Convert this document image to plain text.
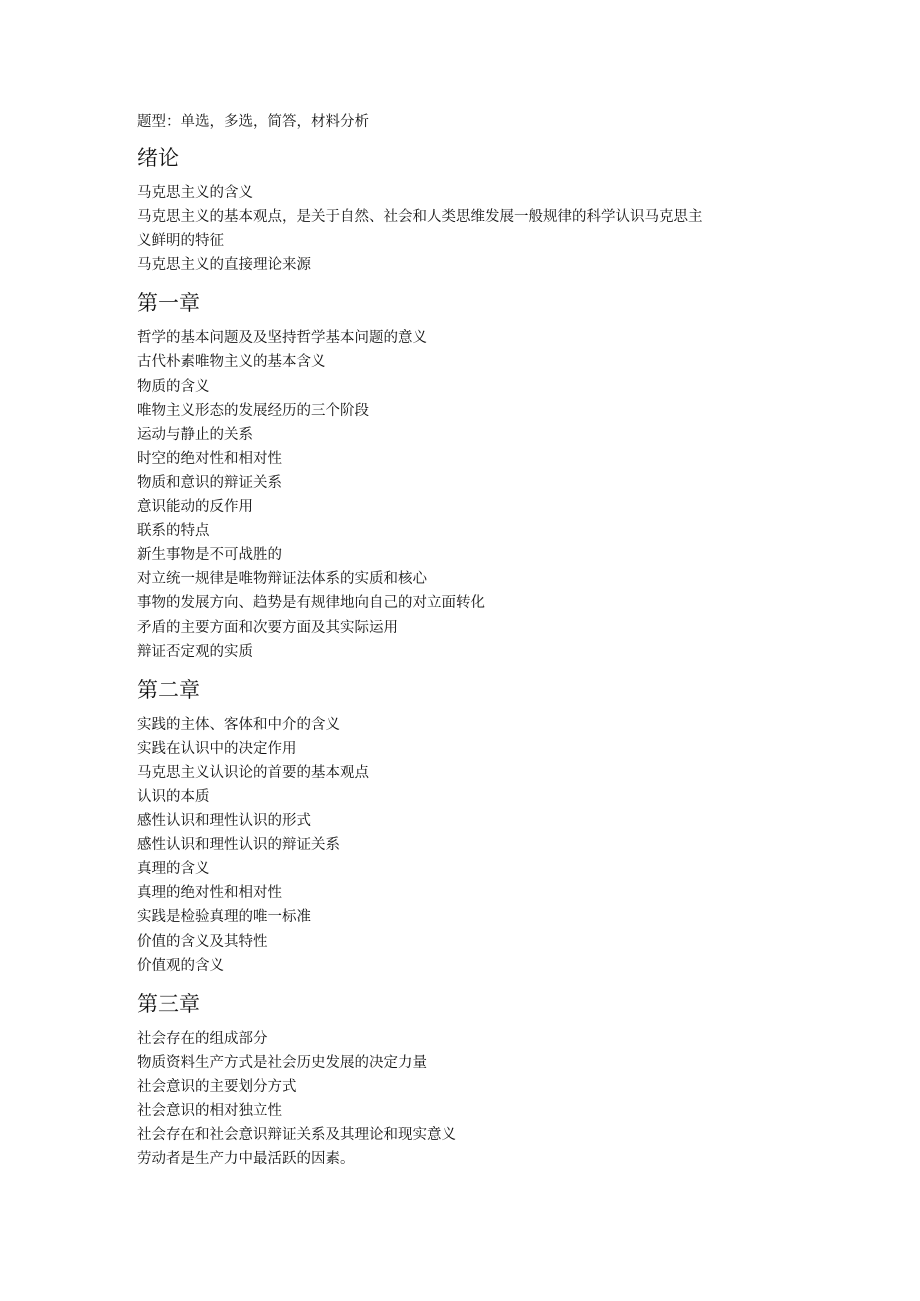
题型：单选，多选，简答，材料分析
绪论
马克思主义的含义
马克思主义的基本观点，是关于自然、社会和人类思维发展一般规律的科学认识马克思主义鲜明的特征
马克思主义的直接理论来源
第一章
哲学的基本问题及及坚持哲学基本问题的意义
古代朴素唯物主义的基本含义
物质的含义
唯物主义形态的发展经历的三个阶段
运动与静止的关系
时空的绝对性和相对性
物质和意识的辩证关系
意识能动的反作用
联系的特点
新生事物是不可战胜的
对立统一规律是唯物辩证法体系的实质和核心
事物的发展方向、趋势是有规律地向自己的对立面转化
矛盾的主要方面和次要方面及其实际运用
辩证否定观的实质
第二章
实践的主体、客体和中介的含义
实践在认识中的决定作用
马克思主义认识论的首要的基本观点
认识的本质
感性认识和理性认识的形式
感性认识和理性认识的辩证关系
真理的含义
真理的绝对性和相对性
实践是检验真理的唯一标准
价值的含义及其特性
价值观的含义
第三章
社会存在的组成部分
物质资料生产方式是社会历史发展的决定力量
社会意识的主要划分方式
社会意识的相对独立性
社会存在和社会意识辩证关系及其理论和现实意义
劳动者是生产力中最活跃的因素。
